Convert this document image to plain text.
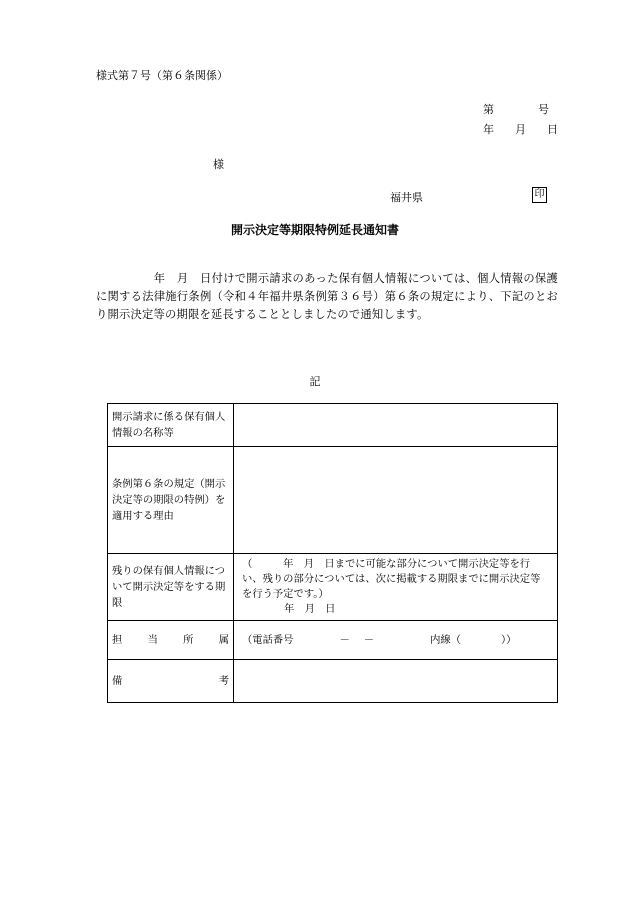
様式第７号（第６条関係）
第	号
年 月 日
様
福井県	印
開示決定等期限特例延長通知書
　　　　　年　月　日付けで開示請求のあった保有個人情報については、個人情報の保護に関する法律施行条例（令和４年福井県条例第３６号）第６条の規定により、下記のとおり開示決定等の期限を延長することとしましたので通知します。
記
開示請求に係る保有個人情報の名称等	
条例第６条の規定（開示決定等の期限の特例）を適用する理由	
残りの保有個人情報について開示決定等をする期限	（　　　年　月　日までに可能な部分について開示決定等を行い、残りの部分については、次に掲載する期限までに開示決定等を行う予定です。）
年　月　日

担 当 所 属	（電話番号 － － 内線（ ））

備 考	
